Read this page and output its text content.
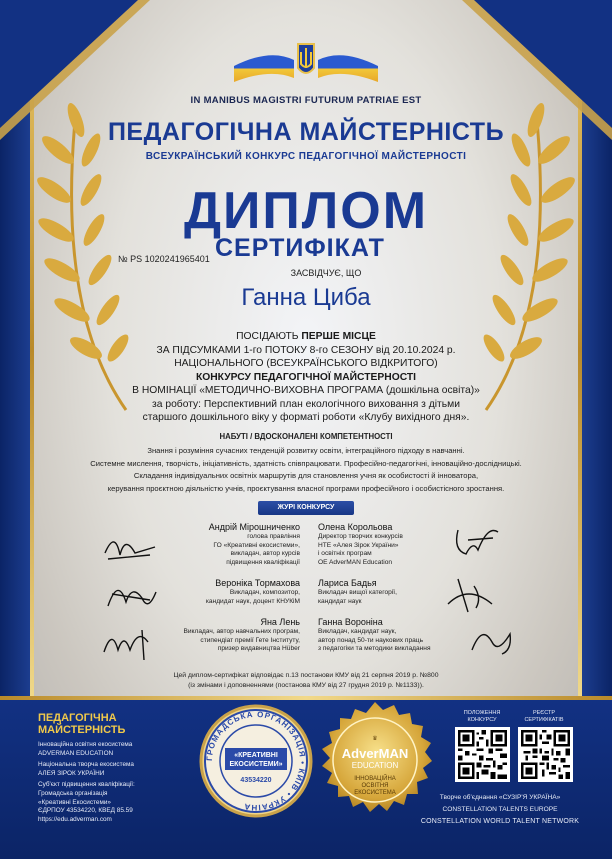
IN MANIBUS MAGISTRI FUTURUM PATRIAE EST
ПЕДАГОГІЧНА МАЙСТЕРНІСТЬ
ВСЕУКРАЇНСЬКИЙ КОНКУРС ПЕДАГОГІЧНОЇ МАЙСТЕРНОСТІ
ДИПЛОМ
СЕРТИФІКАТ
№ PS 1020241965401
ЗАСВІДЧУЄ, ЩО
Ганна Циба
ПОСІДАЮТЬ ПЕРШЕ МІСЦЕ
ЗА ПІДСУМКАМИ 1-го ПОТОКУ 8-го СЕЗОНУ від 20.10.2024 р.
НАЦІОНАЛЬНОГО (ВСЕУКРАЇНСЬКОГО ВІДКРИТОГО)
КОНКУРСУ ПЕДАГОГІЧНОЇ МАЙСТЕРНОСТІ
В НОМІНАЦІЇ «МЕТОДИЧНО-ВИХОВНА ПРОГРАМА (дошкільна освіта)»
за роботу: Перспективний план екологічного виховання з дітьми
старшого дошкільного віку у форматі роботи «Клубу вихідного дня».
НАБУТІ / ВДОСКОНАЛЕНІ КОМПЕТЕНТНОСТІ
Знання і розуміння сучасних тенденцій розвитку освіти, інтеграційного підходу в навчанні.
Системне мислення, творчість, ініціативність, здатність співпрацювати. Професійно-педагогічні, інноваційно-дослідницькі.
Складання індивідуальних освітніх маршрутів для становлення учня як особистості й інноватора,
керування проєктною діяльністю учнів, проєктування власної програми професійного і особистісного зростання.
ЖУРІ КОНКУРСУ
Андрій Мірошниченко
голова правління
ГО «Креативні екосистеми»,
викладач, автор курсів
підвищення кваліфікації
Олена Корольова
Директор творчих конкурсів
НТЕ «Алея Зірок України»
і освітніх програм
OE AdverMAN Education
Вероніка Тормахова
Викладач, композитор,
кандидат наук, доцент КНУКіМ
Лариса Бадья
Викладач вищої категорії,
кандидат наук
Яна Лень
Викладач, автор навчальних програм,
стипендіат премії Гете Інституту,
призер видавництва Hüber
Ганна Вороніна
Викладач, кандидат наук,
автор понад 50-ти наукових праць
з педагогіки та методики викладання
Цей диплом-сертифікат відповідає п.13 постанови КМУ від 21 серпня 2019 р. №800
(із змінами і доповненнями (постанова КМУ від 27 грудня 2019 р. №1133)).
ПЕДАГОГІЧНА
МАЙСТЕРНІСТЬ
Інноваційна освітня екосистема
ADVERMAN EDUCATION
Національна творча екосистема
АЛЕЯ ЗІРОК УКРАЇНИ
Суб'єкт підвищення кваліфікації:
Громадська організація
«Креативні Екосистеми»
ЄДРПОУ 43534220, КВЕД 85.59
https://edu.adverman.com
ГРОМАДСЬКА ОРГАНІЗАЦІЯ • КИЇВ • УКРАЇНА
«КРЕАТИВНІ
ЕКОСИСТЕМИ»
43534220
♛
AdverMAN
EDUCATION
ІННОВАЦІЙНА
ОСВІТНЯ
ЕКОСИСТЕМА
ПОЛОЖЕННЯ
КОНКУРСУ
РЕЄСТР
СЕРТИФІКАТІВ
Творче об'єднання «СУЗІР'Я УКРАЇНА»
CONSTELLATION TALENTS EUROPE
CONSTELLATION WORLD TALENT NETWORK
